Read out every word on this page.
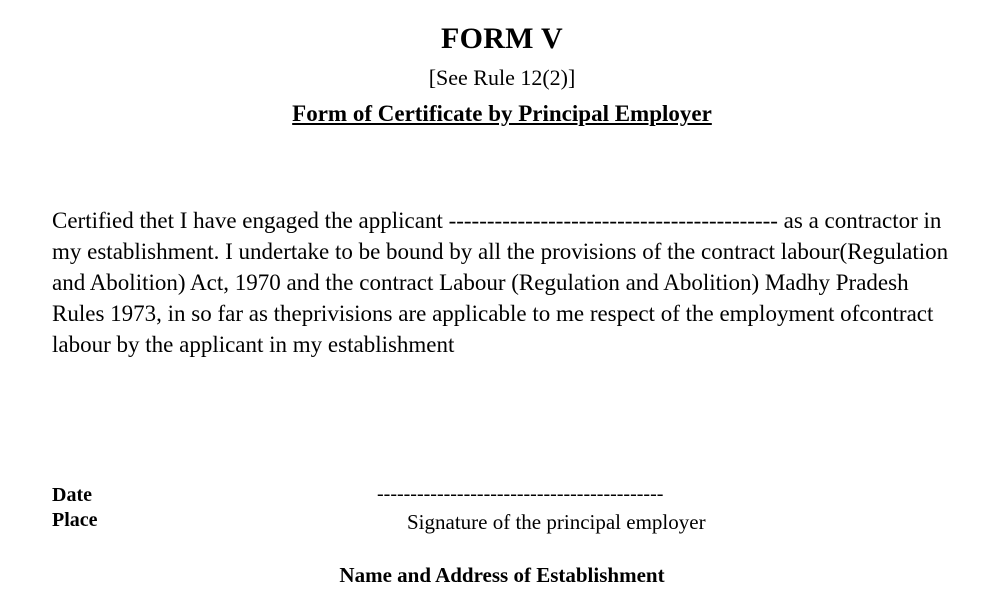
FORM V
[See Rule 12(2)]
Form of Certificate by Principal Employer

Certified thet I have engaged the applicant ------------------------------------------- as a contractor in my establishment. I undertake to be bound by all the provisions of the contract labour(Regulation and Abolition) Act, 1970 and the contract Labour (Regulation and Abolition) Madhy Pradesh Rules 1973, in so far as theprivisions are applicable to me respect of the employment ofcontract labour by the applicant in my establishment

Date
Place
-------------------------------------------
Signature of the principal employer
Name and Address of Establishment
